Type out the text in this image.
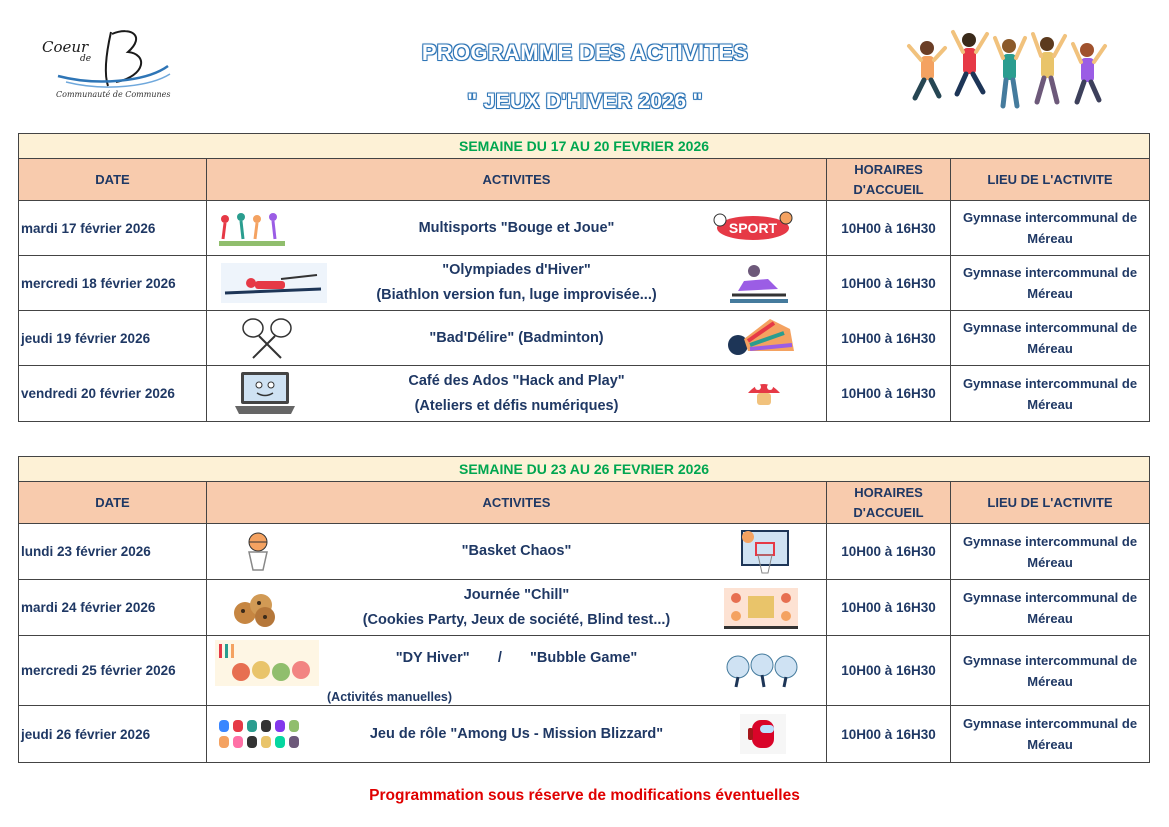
Coeur
de
Communauté de Communes
PROGRAMME DES ACTIVITES
" JEUX D'HIVER 2026 "
SEMAINE DU 17 AU 20 FEVRIER 2026			
DATE	ACTIVITES	HORAIRES D'ACCUEIL	LIEU DE L'ACTIVITE
mardi 17 février 2026	Multisports "Bouge et Joue" SPORT	10H00 à 16H30	Gymnase intercommunal de Méreau
mercredi 18 février 2026	"Olympiades d'Hiver"
(Biathlon version fun, luge improvisée...)	10H00 à 16H30	Gymnase intercommunal de Méreau
jeudi 19 février 2026	"Bad'Délire" (Badminton)	10H00 à 16H30	Gymnase intercommunal de Méreau
vendredi 20 février 2026	Café des Ados "Hack and Play"
(Ateliers et défis numériques)	10H00 à 16H30	Gymnase intercommunal de Méreau
SEMAINE DU 23 AU 26 FEVRIER 2026			
DATE	ACTIVITES	HORAIRES D'ACCUEIL	LIEU DE L'ACTIVITE
lundi 23 février 2026	"Basket Chaos"	10H00 à 16H30	Gymnase intercommunal de Méreau
mardi 24 février 2026	Journée "Chill"
(Cookies Party, Jeux de société, Blind test...)	10H00 à 16H30	Gymnase intercommunal de Méreau
mercredi 25 février 2026	"DY Hiver"       /       "Bubble Game"
(Activités manuelles)	10H00 à 16H30	Gymnase intercommunal de Méreau
jeudi 26 février 2026	Jeu de rôle "Among Us - Mission Blizzard"	10H00 à 16H30	Gymnase intercommunal de Méreau
Programmation sous réserve de modifications éventuelles
